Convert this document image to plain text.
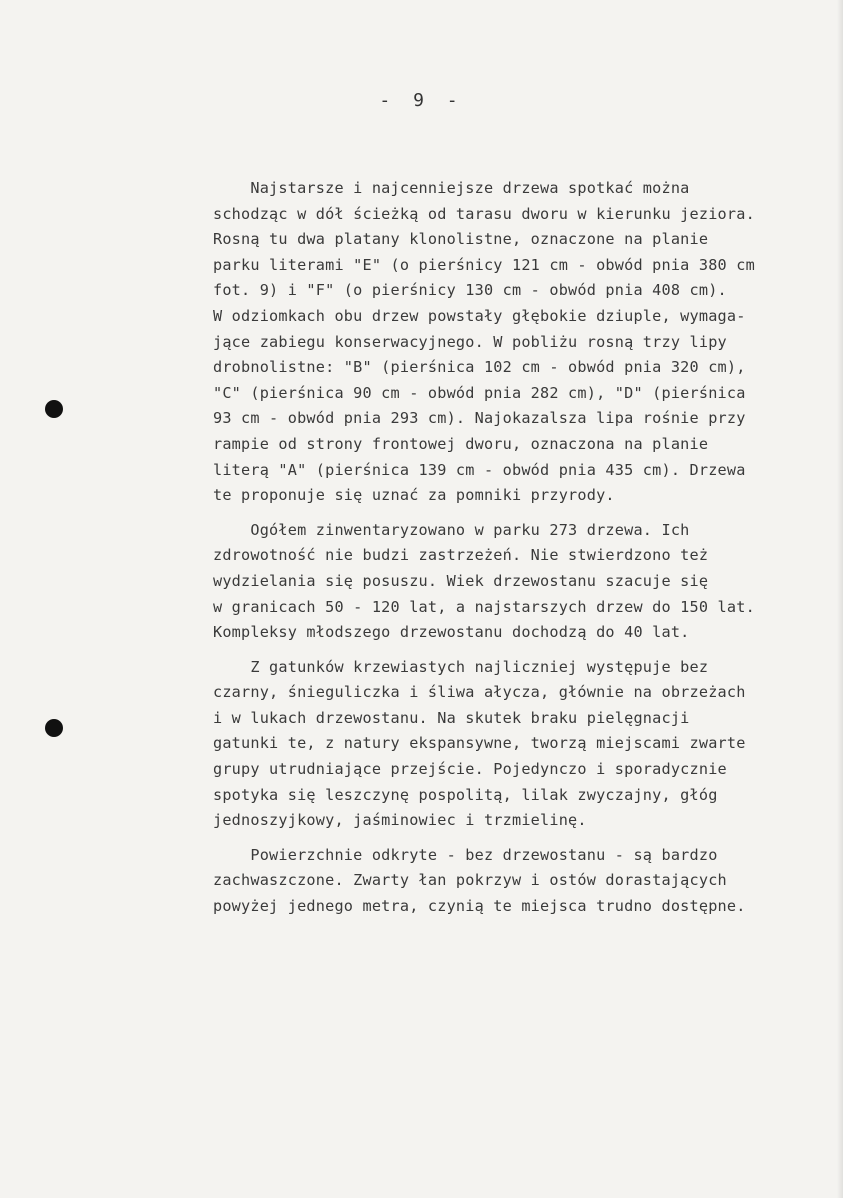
- 9 -
Najstarsze i najcenniejsze drzewa spotkać można
schodząc w dół ścieżką od tarasu dworu w kierunku jeziora.
Rosną tu dwa platany klonolistne, oznaczone na planie
parku literami "E" (o pierśnicy 121 cm - obwód pnia 380 cm
fot. 9) i "F" (o pierśnicy 130 cm - obwód pnia 408 cm).
W odziomkach obu drzew powstały głębokie dziuple, wymaga-
jące zabiegu konserwacyjnego. W pobliżu rosną trzy lipy
drobnolistne: "B" (pierśnica 102 cm - obwód pnia 320 cm),
"C" (pierśnica 90 cm - obwód pnia 282 cm), "D" (pierśnica
93 cm - obwód pnia 293 cm). Najokazalsza lipa rośnie przy
rampie od strony frontowej dworu, oznaczona na planie
literą "A" (pierśnica 139 cm - obwód pnia 435 cm). Drzewa
te proponuje się uznać za pomniki przyrody.
Ogółem zinwentaryzowano w parku 273 drzewa. Ich
zdrowotność nie budzi zastrzeżeń. Nie stwierdzono też
wydzielania się posuszu. Wiek drzewostanu szacuje się
w granicach 50 - 120 lat, a najstarszych drzew do 150 lat.
Kompleksy młodszego drzewostanu dochodzą do 40 lat.
Z gatunków krzewiastych najliczniej występuje bez
czarny, śnieguliczka i śliwa ałycza, głównie na obrzeżach
i w lukach drzewostanu. Na skutek braku pielęgnacji
gatunki te, z natury ekspansywne, tworzą miejscami zwarte
grupy utrudniające przejście. Pojedynczo i sporadycznie
spotyka się leszczynę pospolitą, lilak zwyczajny, głóg
jednoszyjkowy, jaśminowiec i trzmielinę.
Powierzchnie odkryte - bez drzewostanu - są bardzo
zachwaszczone. Zwarty łan pokrzyw i ostów dorastających
powyżej jednego metra, czynią te miejsca trudno dostępne.
